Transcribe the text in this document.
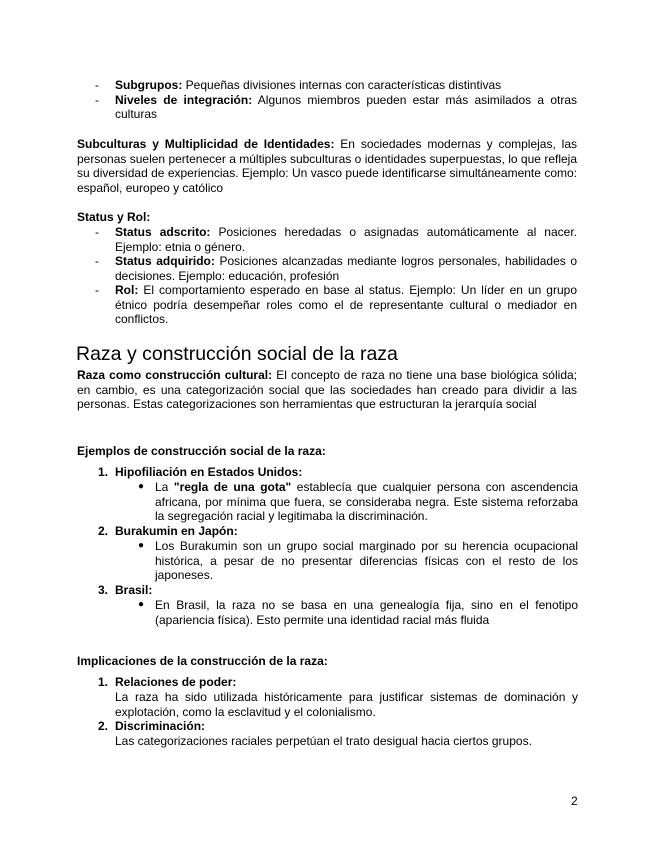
- Subgrupos: Pequeñas divisiones internas con características distintivas
- Niveles de integración: Algunos miembros pueden estar más asimilados a otras culturas

Subculturas y Multiplicidad de Identidades: En sociedades modernas y complejas, las personas suelen pertenecer a múltiples subculturas o identidades superpuestas, lo que refleja su diversidad de experiencias. Ejemplo: Un vasco puede identificarse simultáneamente como: español, europeo y católico

Status y Rol:

- Status adscrito: Posiciones heredadas o asignadas automáticamente al nacer. Ejemplo: etnia o género.
- Status adquirido: Posiciones alcanzadas mediante logros personales, habilidades o decisiones. Ejemplo: educación, profesión
- Rol: El comportamiento esperado en base al status. Ejemplo: Un líder en un grupo étnico podría desempeñar roles como el de representante cultural o mediador en conflictos.
Raza y construcción social de la raza

Raza como construcción cultural: El concepto de raza no tiene una base biológica sólida; en cambio, es una categorización social que las sociedades han creado para dividir a las personas. Estas categorizaciones son herramientas que estructuran la jerarquía social

Ejemplos de construcción social de la raza:

1. Hipofiliación en Estados Unidos:
● La "regla de una gota" establecía que cualquier persona con ascendencia africana, por mínima que fuera, se consideraba negra. Este sistema reforzaba la segregación racial y legitimaba la discriminación.
2. Burakumin en Japón:
● Los Burakumin son un grupo social marginado por su herencia ocupacional histórica, a pesar de no presentar diferencias físicas con el resto de los japoneses.
3. Brasil:
● En Brasil, la raza no se basa en una genealogía fija, sino en el fenotipo (apariencia física). Esto permite una identidad racial más fluida

Implicaciones de la construcción de la raza:

1. Relaciones de poder:
La raza ha sido utilizada históricamente para justificar sistemas de dominación y explotación, como la esclavitud y el colonialismo.
2. Discriminación:
Las categorizaciones raciales perpetúan el trato desigual hacia ciertos grupos.
2
